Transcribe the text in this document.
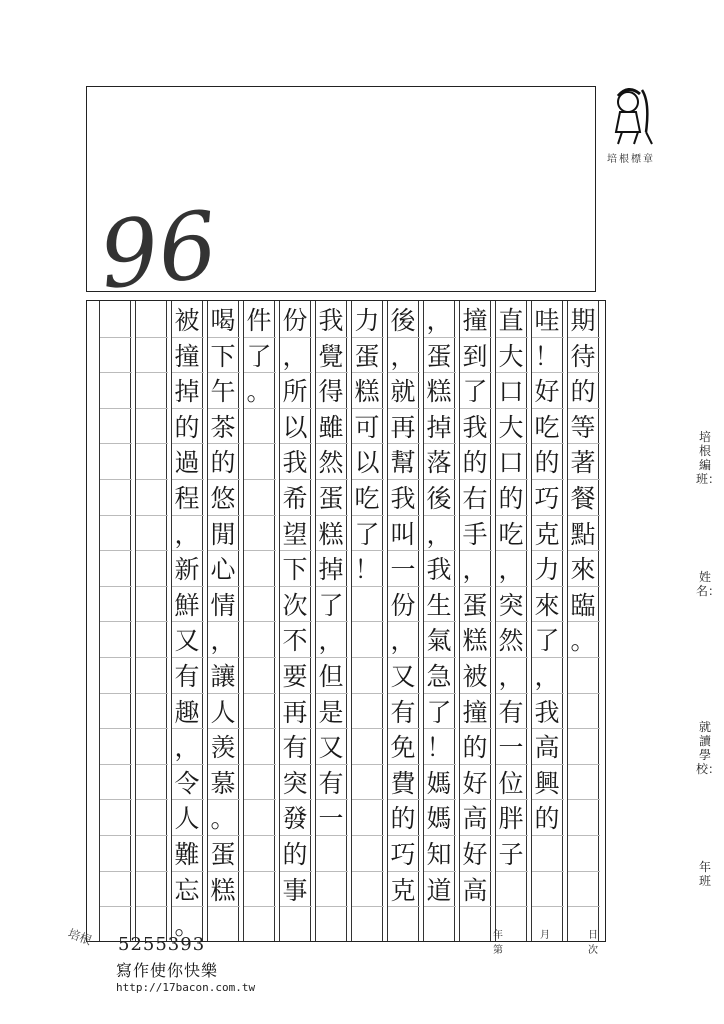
96
培根標章
期
待
的
等
著
餐
點
來
臨
。
哇
！
好
吃
的
巧
克
力
來
了
，
我
高
興
的
直
大
口
大
口
的
吃
，
突
然
，
有
一
位
胖
子
撞
到
了
我
的
右
手
，
蛋
糕
被
撞
的
好
高
好
高
，
蛋
糕
掉
落
後
，
我
生
氣
急
了
！
媽
媽
知
道
後
，
就
再
幫
我
叫
一
份
，
又
有
免
費
的
巧
克
力
蛋
糕
可
以
吃
了
！
我
覺
得
雖
然
蛋
糕
掉
了
，
但
是
又
有
一
份
，
所
以
我
希
望
下
次
不
要
再
有
突
發
的
事
件
了
。
喝
下
午
茶
的
悠
閒
心
情
，
讓
人
羡
慕
。
蛋
糕
被
撞
掉
的
過
程
，
新
鮮
又
有
趣
，
令
人
難
忘
。
培根編班：
姓名：
就讀學校：
年　班
年	月	日
第	次
培根 5255393
寫作使你快樂
http://17bacon.com.tw
